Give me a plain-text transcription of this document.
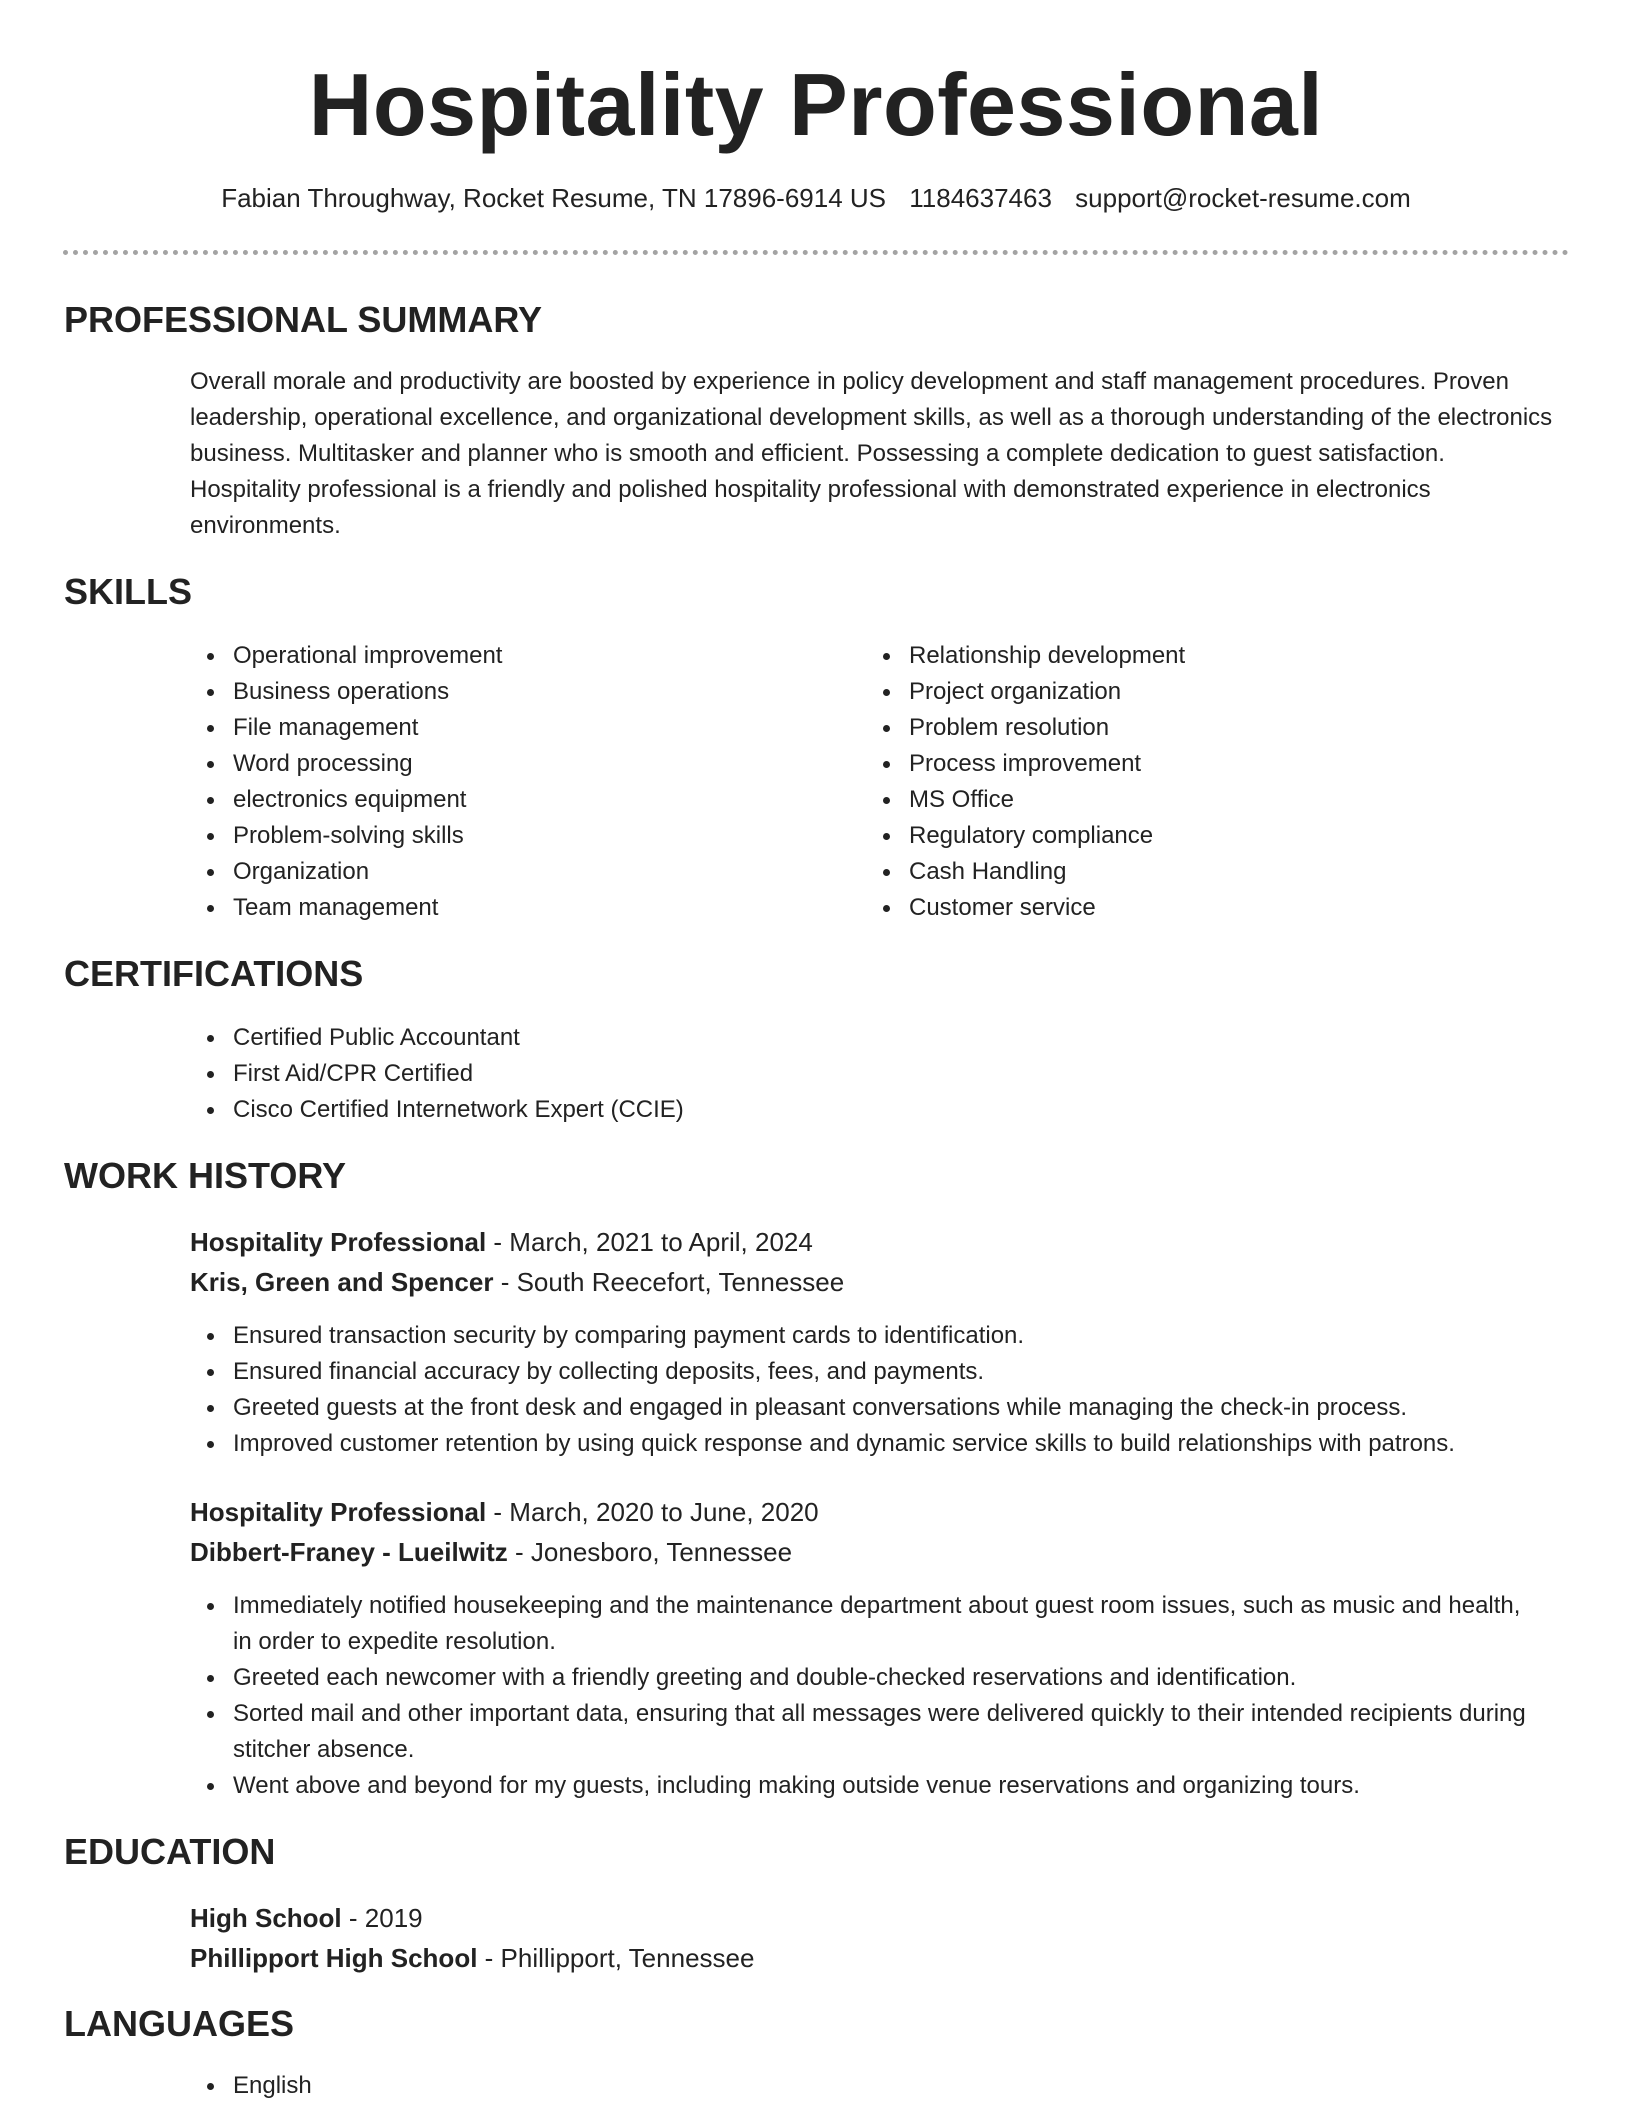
Hospitality Professional
Fabian Throughway, Rocket Resume, TN 17896-6914 US 1184637463 support@rocket-resume.com
PROFESSIONAL SUMMARY

Overall morale and productivity are boosted by experience in policy development and staff management procedures. Proven leadership, operational excellence, and organizational development skills, as well as a thorough understanding of the electronics business. Multitasker and planner who is smooth and efficient. Possessing a complete dedication to guest satisfaction. Hospitality professional is a friendly and polished hospitality professional with demonstrated experience in electronics environments.

SKILLS
Operational improvement
Business operations
File management
Word processing
electronics equipment
Problem-solving skills
Organization
Team management
Relationship development
Project organization
Problem resolution
Process improvement
MS Office
Regulatory compliance
Cash Handling
Customer service
CERTIFICATIONS
Certified Public Accountant
First Aid/CPR Certified
Cisco Certified Internetwork Expert (CCIE)
WORK HISTORY
Hospitality Professional - March, 2021 to April, 2024
Kris, Green and Spencer - South Reecefort, Tennessee
Ensured transaction security by comparing payment cards to identification.
Ensured financial accuracy by collecting deposits, fees, and payments.
Greeted guests at the front desk and engaged in pleasant conversations while managing the check-in process.
Improved customer retention by using quick response and dynamic service skills to build relationships with patrons.
Hospitality Professional - March, 2020 to June, 2020
Dibbert-Franey - Lueilwitz - Jonesboro, Tennessee
Immediately notified housekeeping and the maintenance department about guest room issues, such as music and health, in order to expedite resolution.
Greeted each newcomer with a friendly greeting and double-checked reservations and identification.
Sorted mail and other important data, ensuring that all messages were delivered quickly to their intended recipients during stitcher absence.
Went above and beyond for my guests, including making outside venue reservations and organizing tours.
EDUCATION
High School - 2019
Phillipport High School - Phillipport, Tennessee
LANGUAGES
English
